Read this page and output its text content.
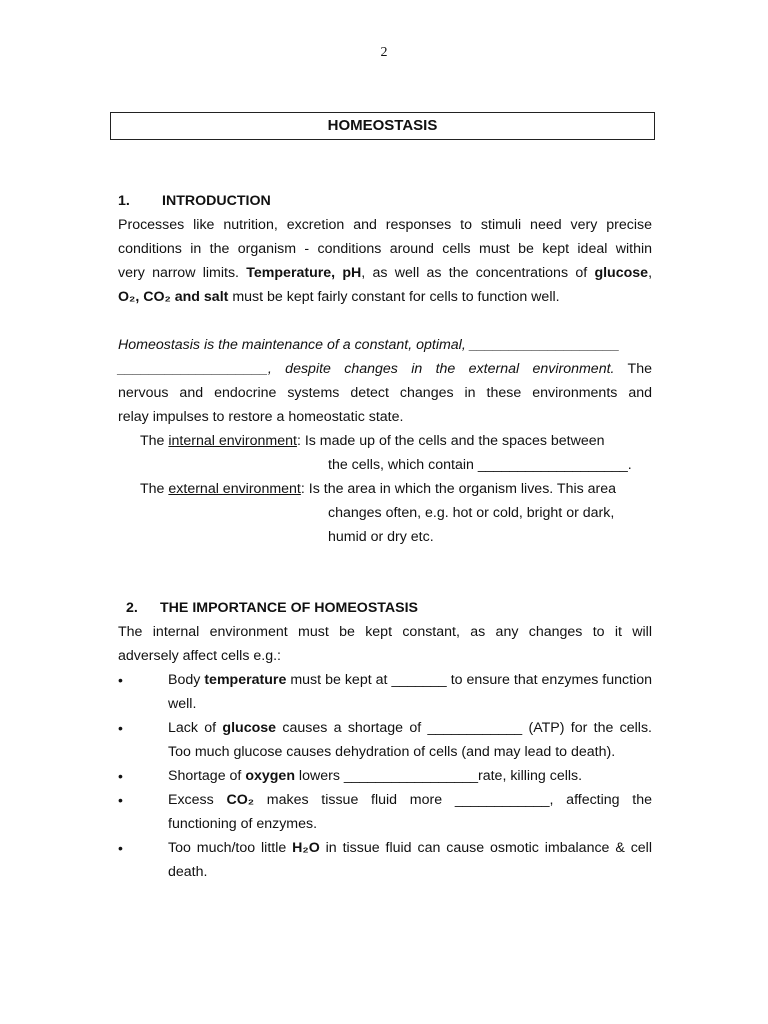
2
HOMEOSTASIS
1. INTRODUCTION
Processes like nutrition, excretion and responses to stimuli need very precise
conditions in the organism - conditions around cells must be kept ideal within
very narrow limits. Temperature, pH, as well as the concentrations of glucose,
O₂, CO₂ and salt must be kept fairly constant for cells to function well.
Homeostasis is the maintenance of a constant, optimal, ___________________
___________________, despite changes in the external environment. The
nervous and endocrine systems detect changes in these environments and
relay impulses to restore a homeostatic state.
The internal environment: Is made up of the cells and the spaces between
the cells, which contain ___________________.
The external environment: Is the area in which the organism lives. This area
changes often, e.g. hot or cold, bright or dark,
humid or dry etc.
2. THE IMPORTANCE OF HOMEOSTASIS
The internal environment must be kept constant, as any changes to it will
adversely affect cells e.g.:
•	Body temperature must be kept at _______ to ensure that enzymes function well.
•	Lack of glucose causes a shortage of ____________ (ATP) for the cells. Too much glucose causes dehydration of cells (and may lead to death).
•	Shortage of oxygen lowers _________________rate, killing cells.
•	Excess CO₂ makes tissue fluid more ____________, affecting the functioning of enzymes.
•	Too much/too little H₂O in tissue fluid can cause osmotic imbalance & cell death.
